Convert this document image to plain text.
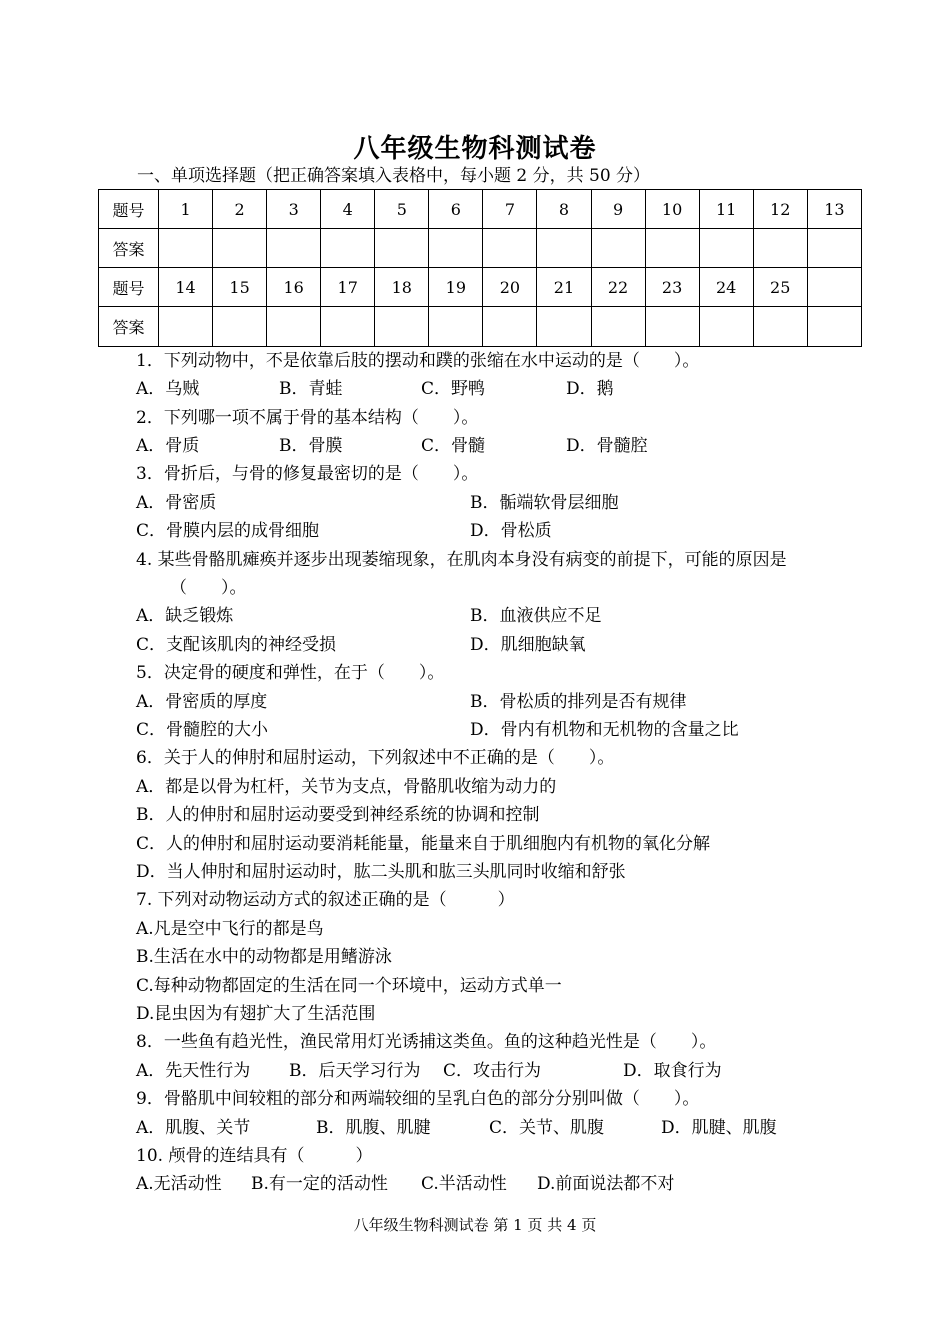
八年级生物科测试卷
一、单项选择题（把正确答案填入表格中，每小题 2 分，共 50 分）
题号	1	2	3	4	5	6	7	8	9	10	11	12	13
答案													
题号	14	15	16	17	18	19	20	21	22	23	24	25	
答案													
1．下列动物中，不是依靠后肢的摆动和蹼的张缩在水中运动的是（　　）。
A．乌贼	B．青蛙	C．野鸭	D．鹅
2．下列哪一项不属于骨的基本结构（　　）。
A．骨质	B．骨膜	C．骨髓	D．骨髓腔
3．骨折后，与骨的修复最密切的是（　　）。
A．骨密质	B．骺端软骨层细胞
C．骨膜内层的成骨细胞	D．骨松质
4. 某些骨骼肌瘫痪并逐步出现萎缩现象，在肌肉本身没有病变的前提下，可能的原因是
（　　）。
A．缺乏锻炼	B．血液供应不足
C．支配该肌肉的神经受损	D．肌细胞缺氧
5．决定骨的硬度和弹性，在于（　　）。
A．骨密质的厚度	B．骨松质的排列是否有规律
C．骨髓腔的大小	D．骨内有机物和无机物的含量之比
6．关于人的伸肘和屈肘运动，下列叙述中不正确的是（　　）。
A．都是以骨为杠杆，关节为支点，骨骼肌收缩为动力的
B．人的伸肘和屈肘运动要受到神经系统的协调和控制
C．人的伸肘和屈肘运动要消耗能量，能量来自于肌细胞内有机物的氧化分解
D．当人伸肘和屈肘运动时，肱二头肌和肱三头肌同时收缩和舒张
7. 下列对动物运动方式的叙述正确的是（　　　）
A.凡是空中飞行的都是鸟
B.生活在水中的动物都是用鳍游泳
C.每种动物都固定的生活在同一个环境中，运动方式单一
D.昆虫因为有翅扩大了生活范围
8．一些鱼有趋光性，渔民常用灯光诱捕这类鱼。鱼的这种趋光性是（　　）。
A．先天性行为 B．后天学习行为 C．攻击行为	D．取食行为
9．骨骼肌中间较粗的部分和两端较细的呈乳白色的部分分别叫做（　　）。
A．肌腹、关节	B．肌腹、肌腱	C．关节、肌腹	D．肌腱、肌腹
10. 颅骨的连结具有（　　　）
A.无活动性 B.有一定的活动性 C.半活动性 D.前面说法都不对
八年级生物科测试卷 第 1 页 共 4 页
